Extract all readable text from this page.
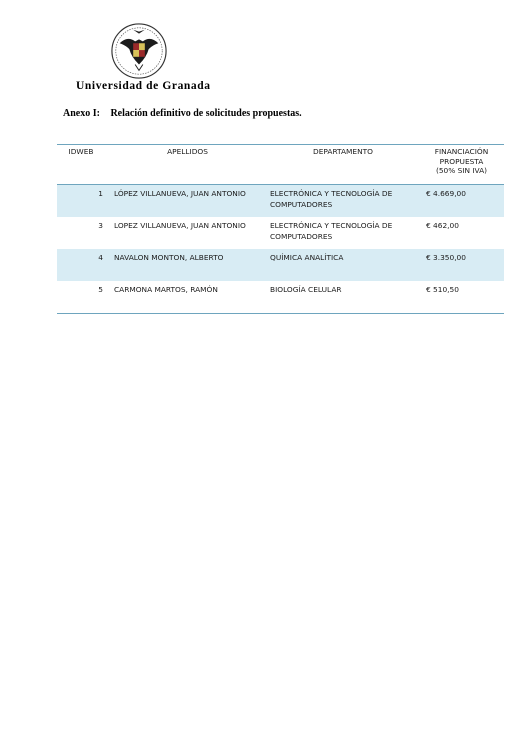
Universidad de Granada
Anexo I: Relación definitivo de solicitudes propuestas.
IDWEB	APELLIDOS	DEPARTAMENTO	FINANCIACIÓN
PROPUESTA
(50% SIN IVA)
1	LÓPEZ VILLANUEVA, JUAN ANTONIO	ELECTRÓNICA Y TECNOLOGÍA DE COMPUTADORES	€ 4.669,00
3	LOPEZ VILLANUEVA, JUAN ANTONIO	ELECTRÓNICA Y TECNOLOGÍA DE COMPUTADORES	€ 462,00
4	NAVALON MONTON, ALBERTO	QUÍMICA ANALÍTICA	€ 3.350,00
5	CARMONA MARTOS, RAMÓN	BIOLOGÍA CELULAR	€ 510,50
